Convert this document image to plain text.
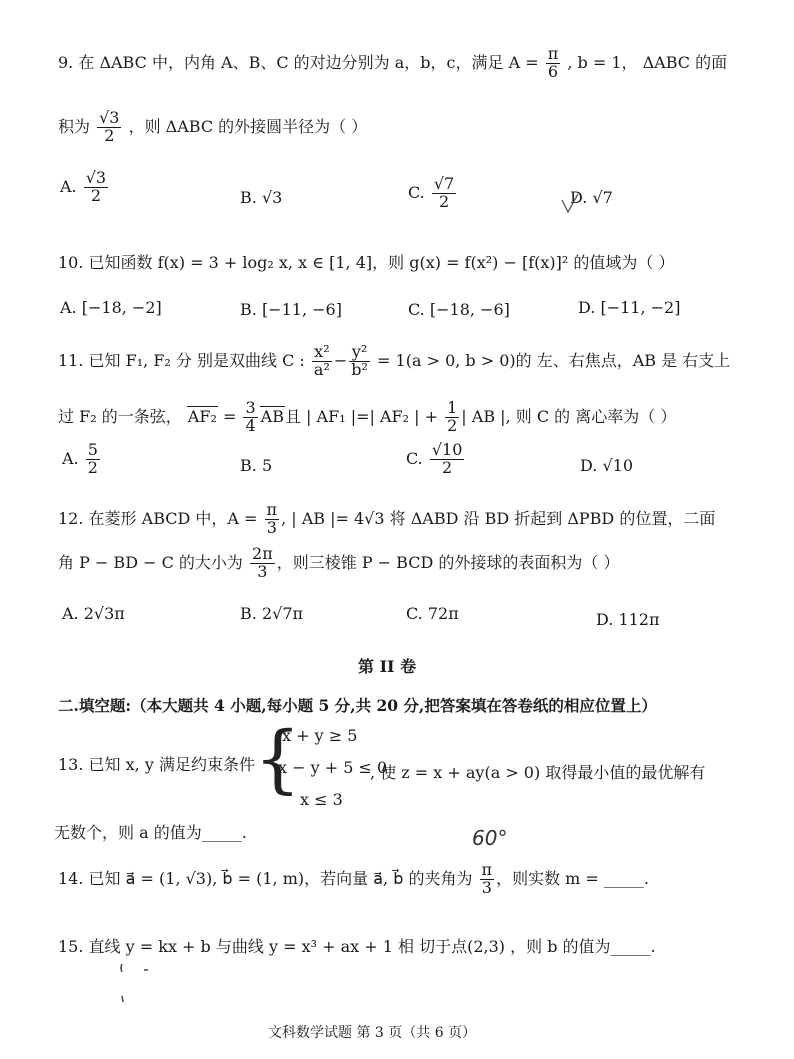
9. 在 ΔABC 中，内角 A、B、C 的对边分别为 a，b，c，满足 $A = \frac{\pi}{6}$ , b = 1， ΔABC 的面
积为 $\frac{√3}{2}$ ，则 ΔABC 的外接圆半径为（ ）
A. $\frac{√3}{2}$	B. √3	C. $\frac{√7}{2}$	D. √7
10. 已知函数 f(x) = 3 + log₂ x, x ∈ [1, 4]，则 g(x) = f(x²) − [f(x)]² 的值域为（ ）
A. [−18, −2]	B. [−11, −6]	C. [−18, −6]	D. [−11, −2]
11. 已知 F₁, F₂ 分 别是双曲线 C : $\frac{\text{x²}}{\text{a²}} - \frac{\text{y²}}{\text{b²}} = 1(a > 0$, b > 0)的 左、右焦点，AB 是 右支上
过 F₂ 的一条弦， $AF_2 = \frac{3}{4}$ AB且 | AF₁ |=| AF₂ | + $\frac{1}{2}$ | AB |, 则 C 的 离心率为（ ）
A. $\frac{5}{2}$	B. 5	C. $\frac{√10}{2}$	D. √10
12. 在菱形 ABCD 中，$A = \frac{\pi}{3}$ , | AB |= 4√3 将 ΔABD 沿 BD 折起到 ΔPBD 的位置，二面
角 P − BD − C 的大小为 $\frac{2\pi}{3}$ ，则三棱锥 P − BCD 的外接球的表面积为（ ）
A. 2√3π	B. 2√7π	C. 72π	D. 112π
第 II 卷
二.填空题:（本大题共 4 小题,每小题 5 分,共 20 分,把答案填在答卷纸的相应位置上）
13. 已知 x, y 满足约束条件 {
x + y ≥ 5
x − y + 5 ≤ 0
x ≤ 3
, 使 z = x + ay(a > 0) 取得最小值的最优解有
无数个，则 a 的值为_____.	60°
14. 已知 a⃗ = (1, √3), b⃗ = (1, m)，若向量 a⃗, b⃗ 的夹角为 $\frac{\pi}{3}$ ，则实数 m = _____.
15. 直线 y = kx + b 与曲线 y = x³ + ax + 1 相 切于点(2,3) ，则 b 的值为_____.
文科数学试题 第 3 页（共 6 页）
